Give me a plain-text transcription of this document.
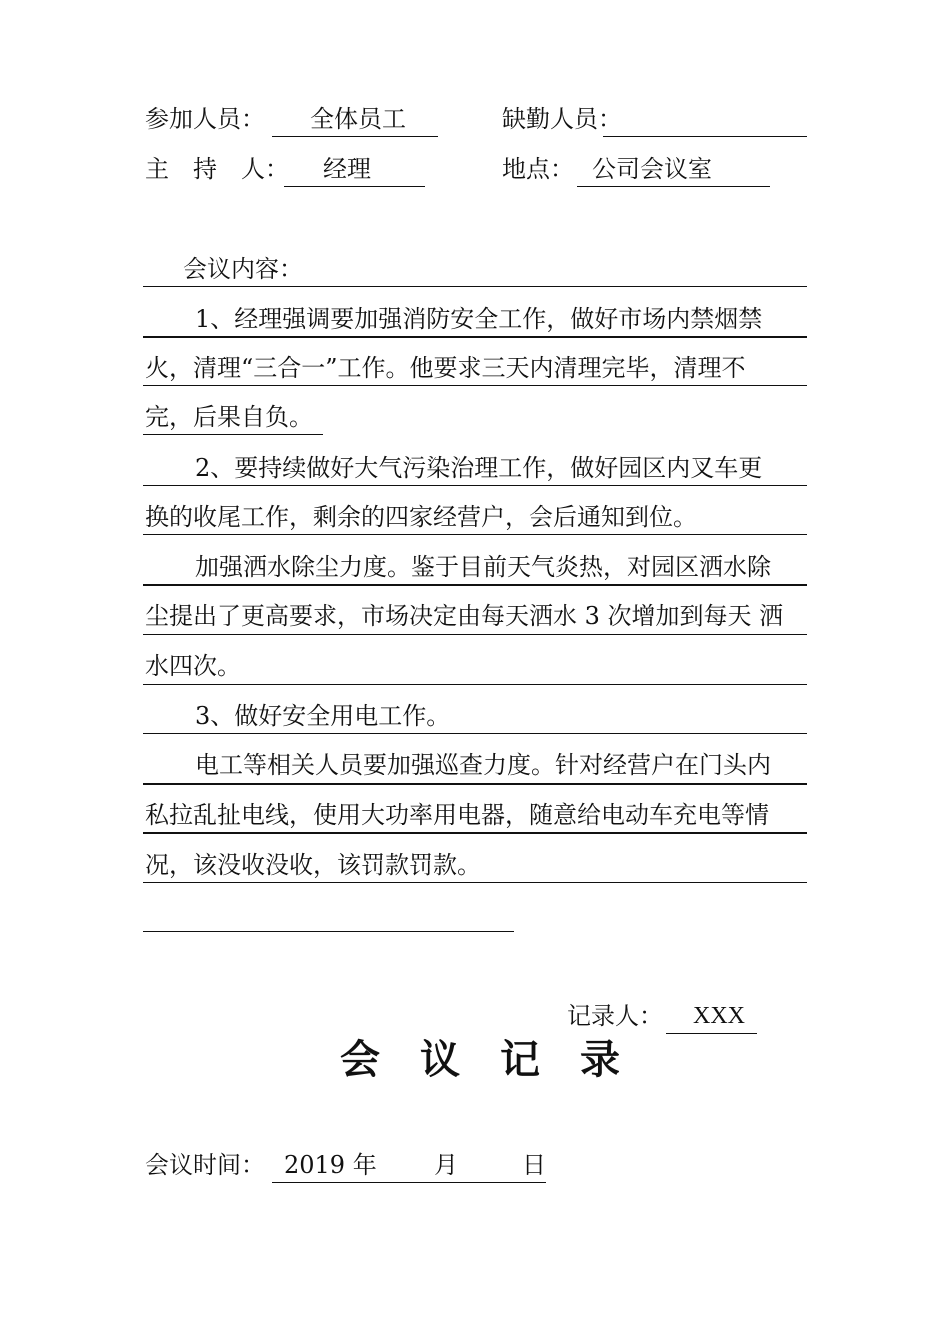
参加人员： 全体员工	缺勤人员：
主　持　人： 经理	地点： 公司会议室
会议内容：
1、经理强调要加强消防安全工作，做好市场内禁烟禁
火，清理“三合一”工作。他要求三天内清理完毕，清理不
完，后果自负。
2、要持续做好大气污染治理工作，做好园区内叉车更
换的收尾工作，剩余的四家经营户，会后通知到位。
加强洒水除尘力度。鉴于目前天气炎热，对园区洒水除
尘提出了更高要求，市场决定由每天洒水 3 次增加到每天 洒
水四次。
3、做好安全用电工作。
电工等相关人员要加强巡查力度。针对经营户在门头内
私拉乱扯电线，使用大功率用电器，随意给电动车充电等情
况，该没收没收，该罚款罚款。
记录人： XXX
会议记录
会议时间： 2019 年 月	日
